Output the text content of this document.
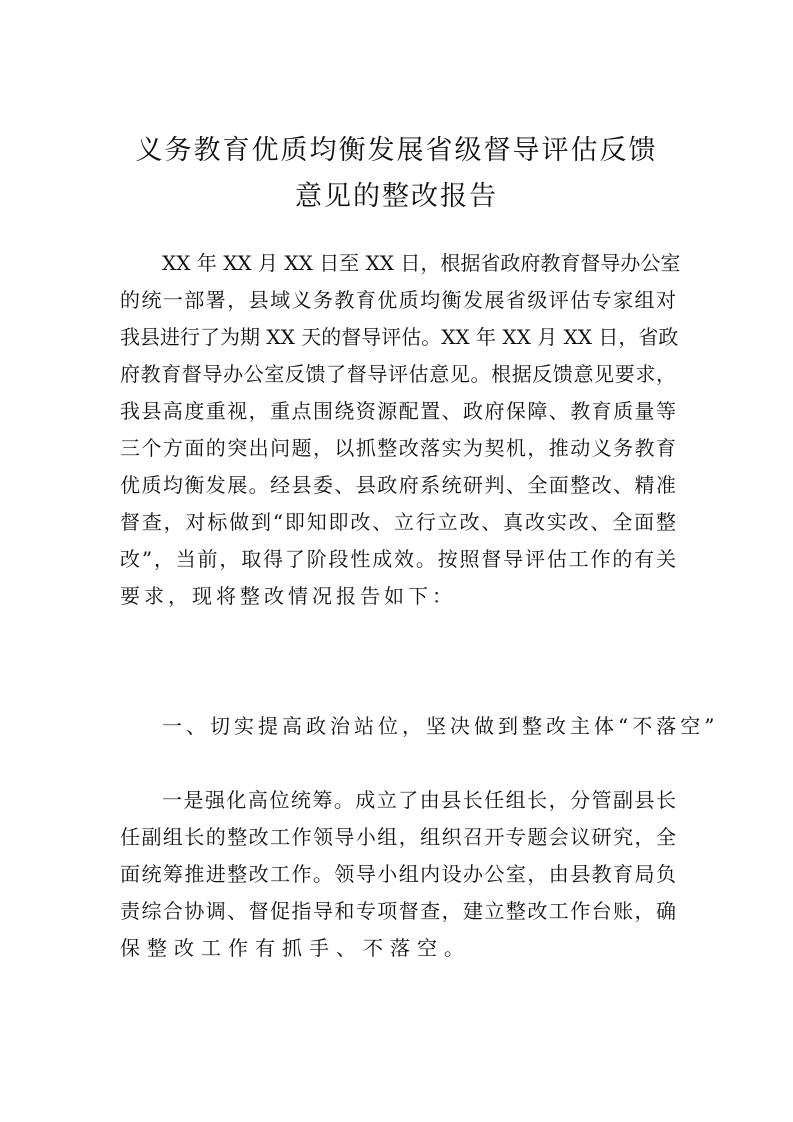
义务教育优质均衡发展省级督导评估反馈
意见的整改报告
XX 年 XX 月 XX 日至 XX 日，根据省政府教育督导办公室
的统一部署，县域义务教育优质均衡发展省级评估专家组对
我县进行了为期 XX 天的督导评估。XX 年 XX 月 XX 日，省政
府教育督导办公室反馈了督导评估意见。根据反馈意见要求，
我县高度重视，重点围绕资源配置、政府保障、教育质量等
三个方面的突出问题，以抓整改落实为契机，推动义务教育
优质均衡发展。经县委、县政府系统研判、全面整改、精准
督查，对标做到“即知即改、立行立改、真改实改、全面整
改”，当前，取得了阶段性成效。按照督导评估工作的有关
要求，现将整改情况报告如下：
一、切实提高政治站位，坚决做到整改主体“不落空”
一是强化高位统筹。成立了由县长任组长，分管副县长
任副组长的整改工作领导小组，组织召开专题会议研究，全
面统筹推进整改工作。领导小组内设办公室，由县教育局负
责综合协调、督促指导和专项督查，建立整改工作台账，确
保整改工作有抓手、不落空。
